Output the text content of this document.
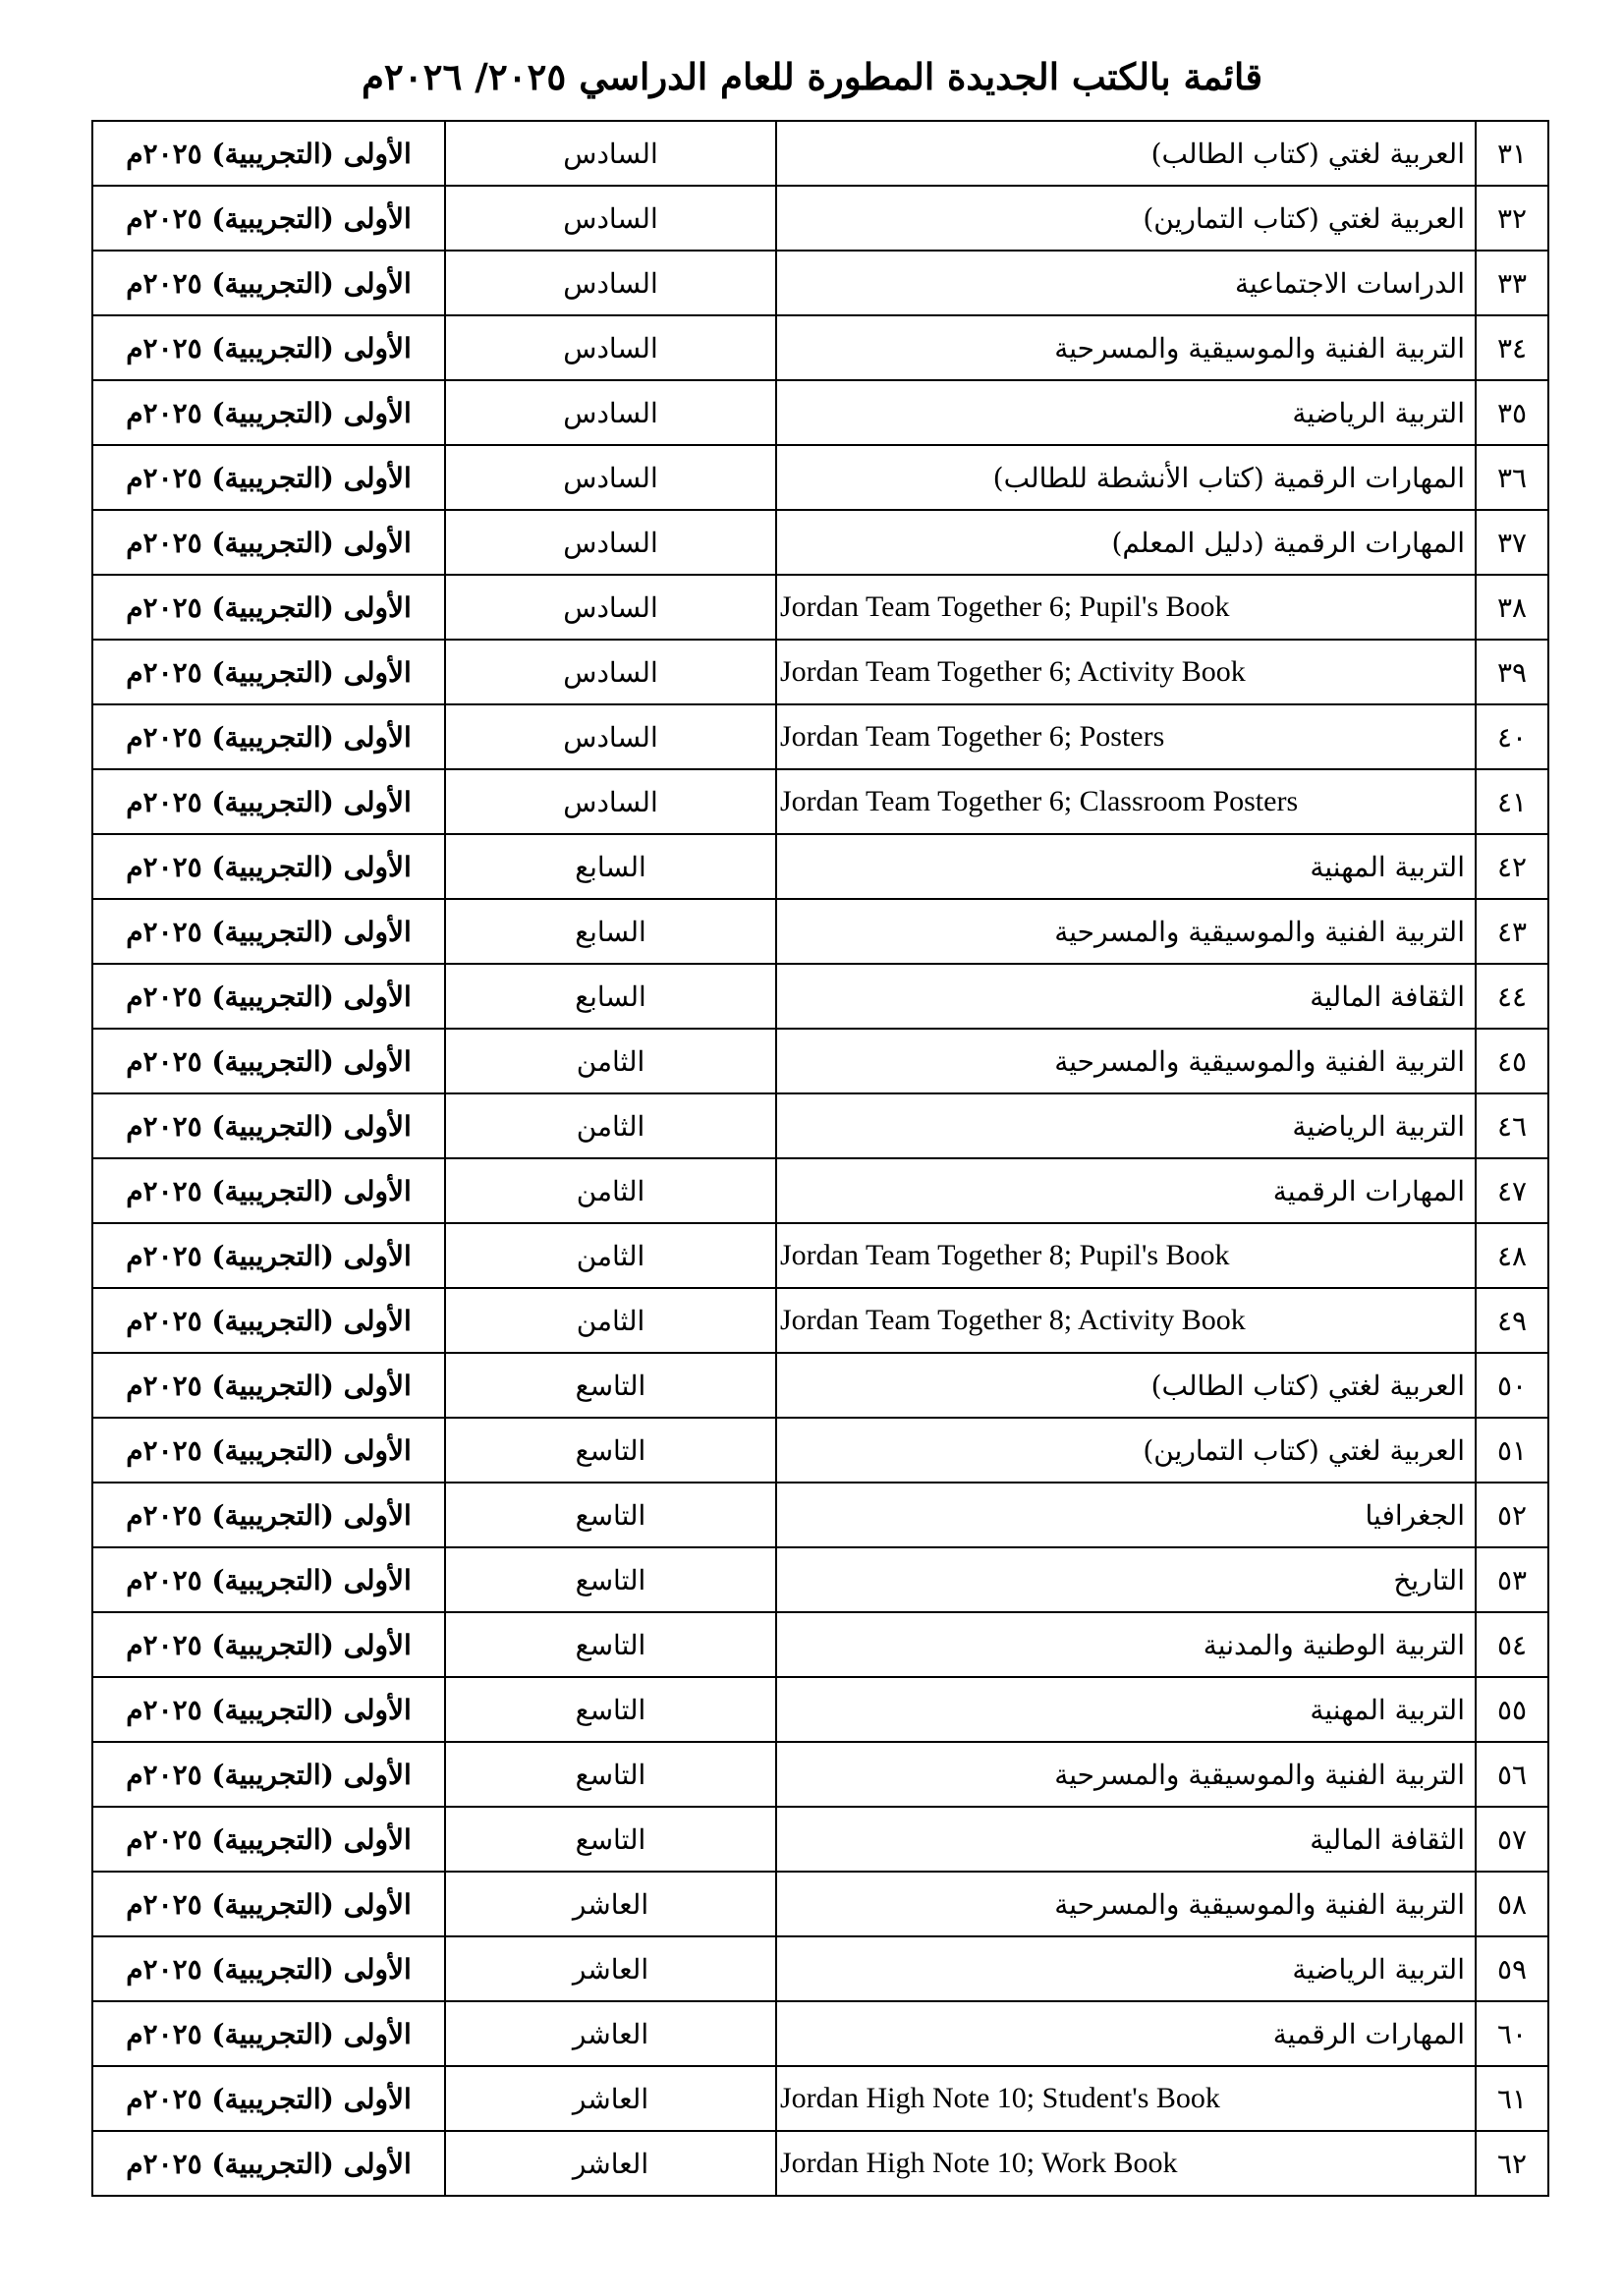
قائمة بالكتب الجديدة المطورة للعام الدراسي ٢٠٢٥/ ٢٠٢٦م
٣١	العربية لغتي (كتاب الطالب)	السادس	الأولى (التجريبية) ٢٠٢٥م
٣٢	العربية لغتي (كتاب التمارين)	السادس	الأولى (التجريبية) ٢٠٢٥م
٣٣	الدراسات الاجتماعية	السادس	الأولى (التجريبية) ٢٠٢٥م
٣٤	التربية الفنية والموسيقية والمسرحية	السادس	الأولى (التجريبية) ٢٠٢٥م
٣٥	التربية الرياضية	السادس	الأولى (التجريبية) ٢٠٢٥م
٣٦	المهارات الرقمية (كتاب الأنشطة للطالب)	السادس	الأولى (التجريبية) ٢٠٢٥م
٣٧	المهارات الرقمية (دليل المعلم)	السادس	الأولى (التجريبية) ٢٠٢٥م
٣٨	Jordan Team Together 6; Pupil's Book	السادس	الأولى (التجريبية) ٢٠٢٥م
٣٩	Jordan Team Together 6; Activity Book	السادس	الأولى (التجريبية) ٢٠٢٥م
٤٠	Jordan Team Together 6; Posters	السادس	الأولى (التجريبية) ٢٠٢٥م
٤١	Jordan Team Together 6; Classroom Posters	السادس	الأولى (التجريبية) ٢٠٢٥م
٤٢	التربية المهنية	السابع	الأولى (التجريبية) ٢٠٢٥م
٤٣	التربية الفنية والموسيقية والمسرحية	السابع	الأولى (التجريبية) ٢٠٢٥م
٤٤	الثقافة المالية	السابع	الأولى (التجريبية) ٢٠٢٥م
٤٥	التربية الفنية والموسيقية والمسرحية	الثامن	الأولى (التجريبية) ٢٠٢٥م
٤٦	التربية الرياضية	الثامن	الأولى (التجريبية) ٢٠٢٥م
٤٧	المهارات الرقمية	الثامن	الأولى (التجريبية) ٢٠٢٥م
٤٨	Jordan Team Together 8; Pupil's Book	الثامن	الأولى (التجريبية) ٢٠٢٥م
٤٩	Jordan Team Together 8; Activity Book	الثامن	الأولى (التجريبية) ٢٠٢٥م
٥٠	العربية لغتي (كتاب الطالب)	التاسع	الأولى (التجريبية) ٢٠٢٥م
٥١	العربية لغتي (كتاب التمارين)	التاسع	الأولى (التجريبية) ٢٠٢٥م
٥٢	الجغرافيا	التاسع	الأولى (التجريبية) ٢٠٢٥م
٥٣	التاريخ	التاسع	الأولى (التجريبية) ٢٠٢٥م
٥٤	التربية الوطنية والمدنية	التاسع	الأولى (التجريبية) ٢٠٢٥م
٥٥	التربية المهنية	التاسع	الأولى (التجريبية) ٢٠٢٥م
٥٦	التربية الفنية والموسيقية والمسرحية	التاسع	الأولى (التجريبية) ٢٠٢٥م
٥٧	الثقافة المالية	التاسع	الأولى (التجريبية) ٢٠٢٥م
٥٨	التربية الفنية والموسيقية والمسرحية	العاشر	الأولى (التجريبية) ٢٠٢٥م
٥٩	التربية الرياضية	العاشر	الأولى (التجريبية) ٢٠٢٥م
٦٠	المهارات الرقمية	العاشر	الأولى (التجريبية) ٢٠٢٥م
٦١	Jordan High Note 10; Student's Book	العاشر	الأولى (التجريبية) ٢٠٢٥م
٦٢	Jordan High Note 10; Work Book	العاشر	الأولى (التجريبية) ٢٠٢٥م
